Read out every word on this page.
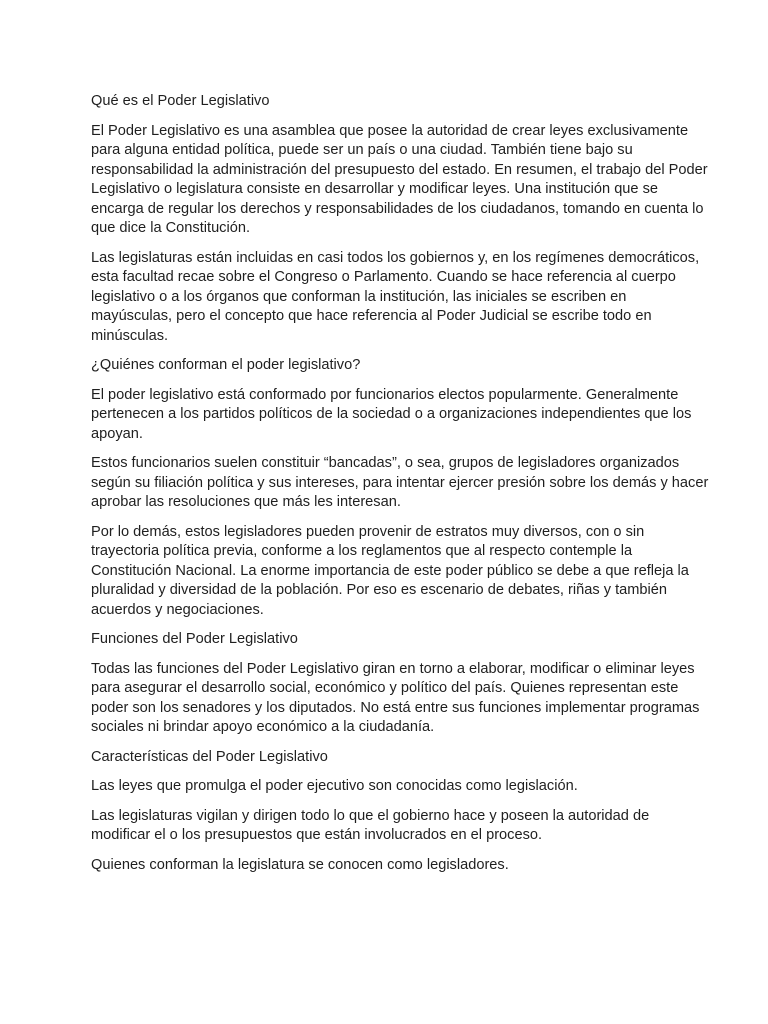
Qué es el Poder Legislativo
El Poder Legislativo es una asamblea que posee la autoridad de crear leyes exclusivamente para alguna entidad política, puede ser un país o una ciudad. También tiene bajo su responsabilidad la administración del presupuesto del estado. En resumen, el trabajo del Poder Legislativo o legislatura consiste en desarrollar y modificar leyes. Una institución que se encarga de regular los derechos y responsabilidades de los ciudadanos, tomando en cuenta lo que dice la Constitución.
Las legislaturas están incluidas en casi todos los gobiernos y, en los regímenes democráticos, esta facultad recae sobre el Congreso o Parlamento. Cuando se hace referencia al cuerpo legislativo o a los órganos que conforman la institución, las iniciales se escriben en mayúsculas, pero el concepto que hace referencia al Poder Judicial se escribe todo en minúsculas.
¿Quiénes conforman el poder legislativo?
El poder legislativo está conformado por funcionarios electos popularmente. Generalmente pertenecen a los partidos políticos de la sociedad o a organizaciones independientes que los apoyan.
Estos funcionarios suelen constituir “bancadas”, o sea, grupos de legisladores organizados según su filiación política y sus intereses, para intentar ejercer presión sobre los demás y hacer aprobar las resoluciones que más les interesan.
Por lo demás, estos legisladores pueden provenir de estratos muy diversos, con o sin trayectoria política previa, conforme a los reglamentos que al respecto contemple la Constitución Nacional. La enorme importancia de este poder público se debe a que refleja la pluralidad y diversidad de la población. Por eso es escenario de debates, riñas y también acuerdos y negociaciones.
Funciones del Poder Legislativo
Todas las funciones del Poder Legislativo giran en torno a elaborar, modificar o eliminar leyes para asegurar el desarrollo social, económico y político del país. Quienes representan este poder son los senadores y los diputados. No está entre sus funciones implementar programas sociales ni brindar apoyo económico a la ciudadanía.
Características del Poder Legislativo
Las leyes que promulga el poder ejecutivo son conocidas como legislación.
Las legislaturas vigilan y dirigen todo lo que el gobierno hace y poseen la autoridad de modificar el o los presupuestos que están involucrados en el proceso.
Quienes conforman la legislatura se conocen como legisladores.
